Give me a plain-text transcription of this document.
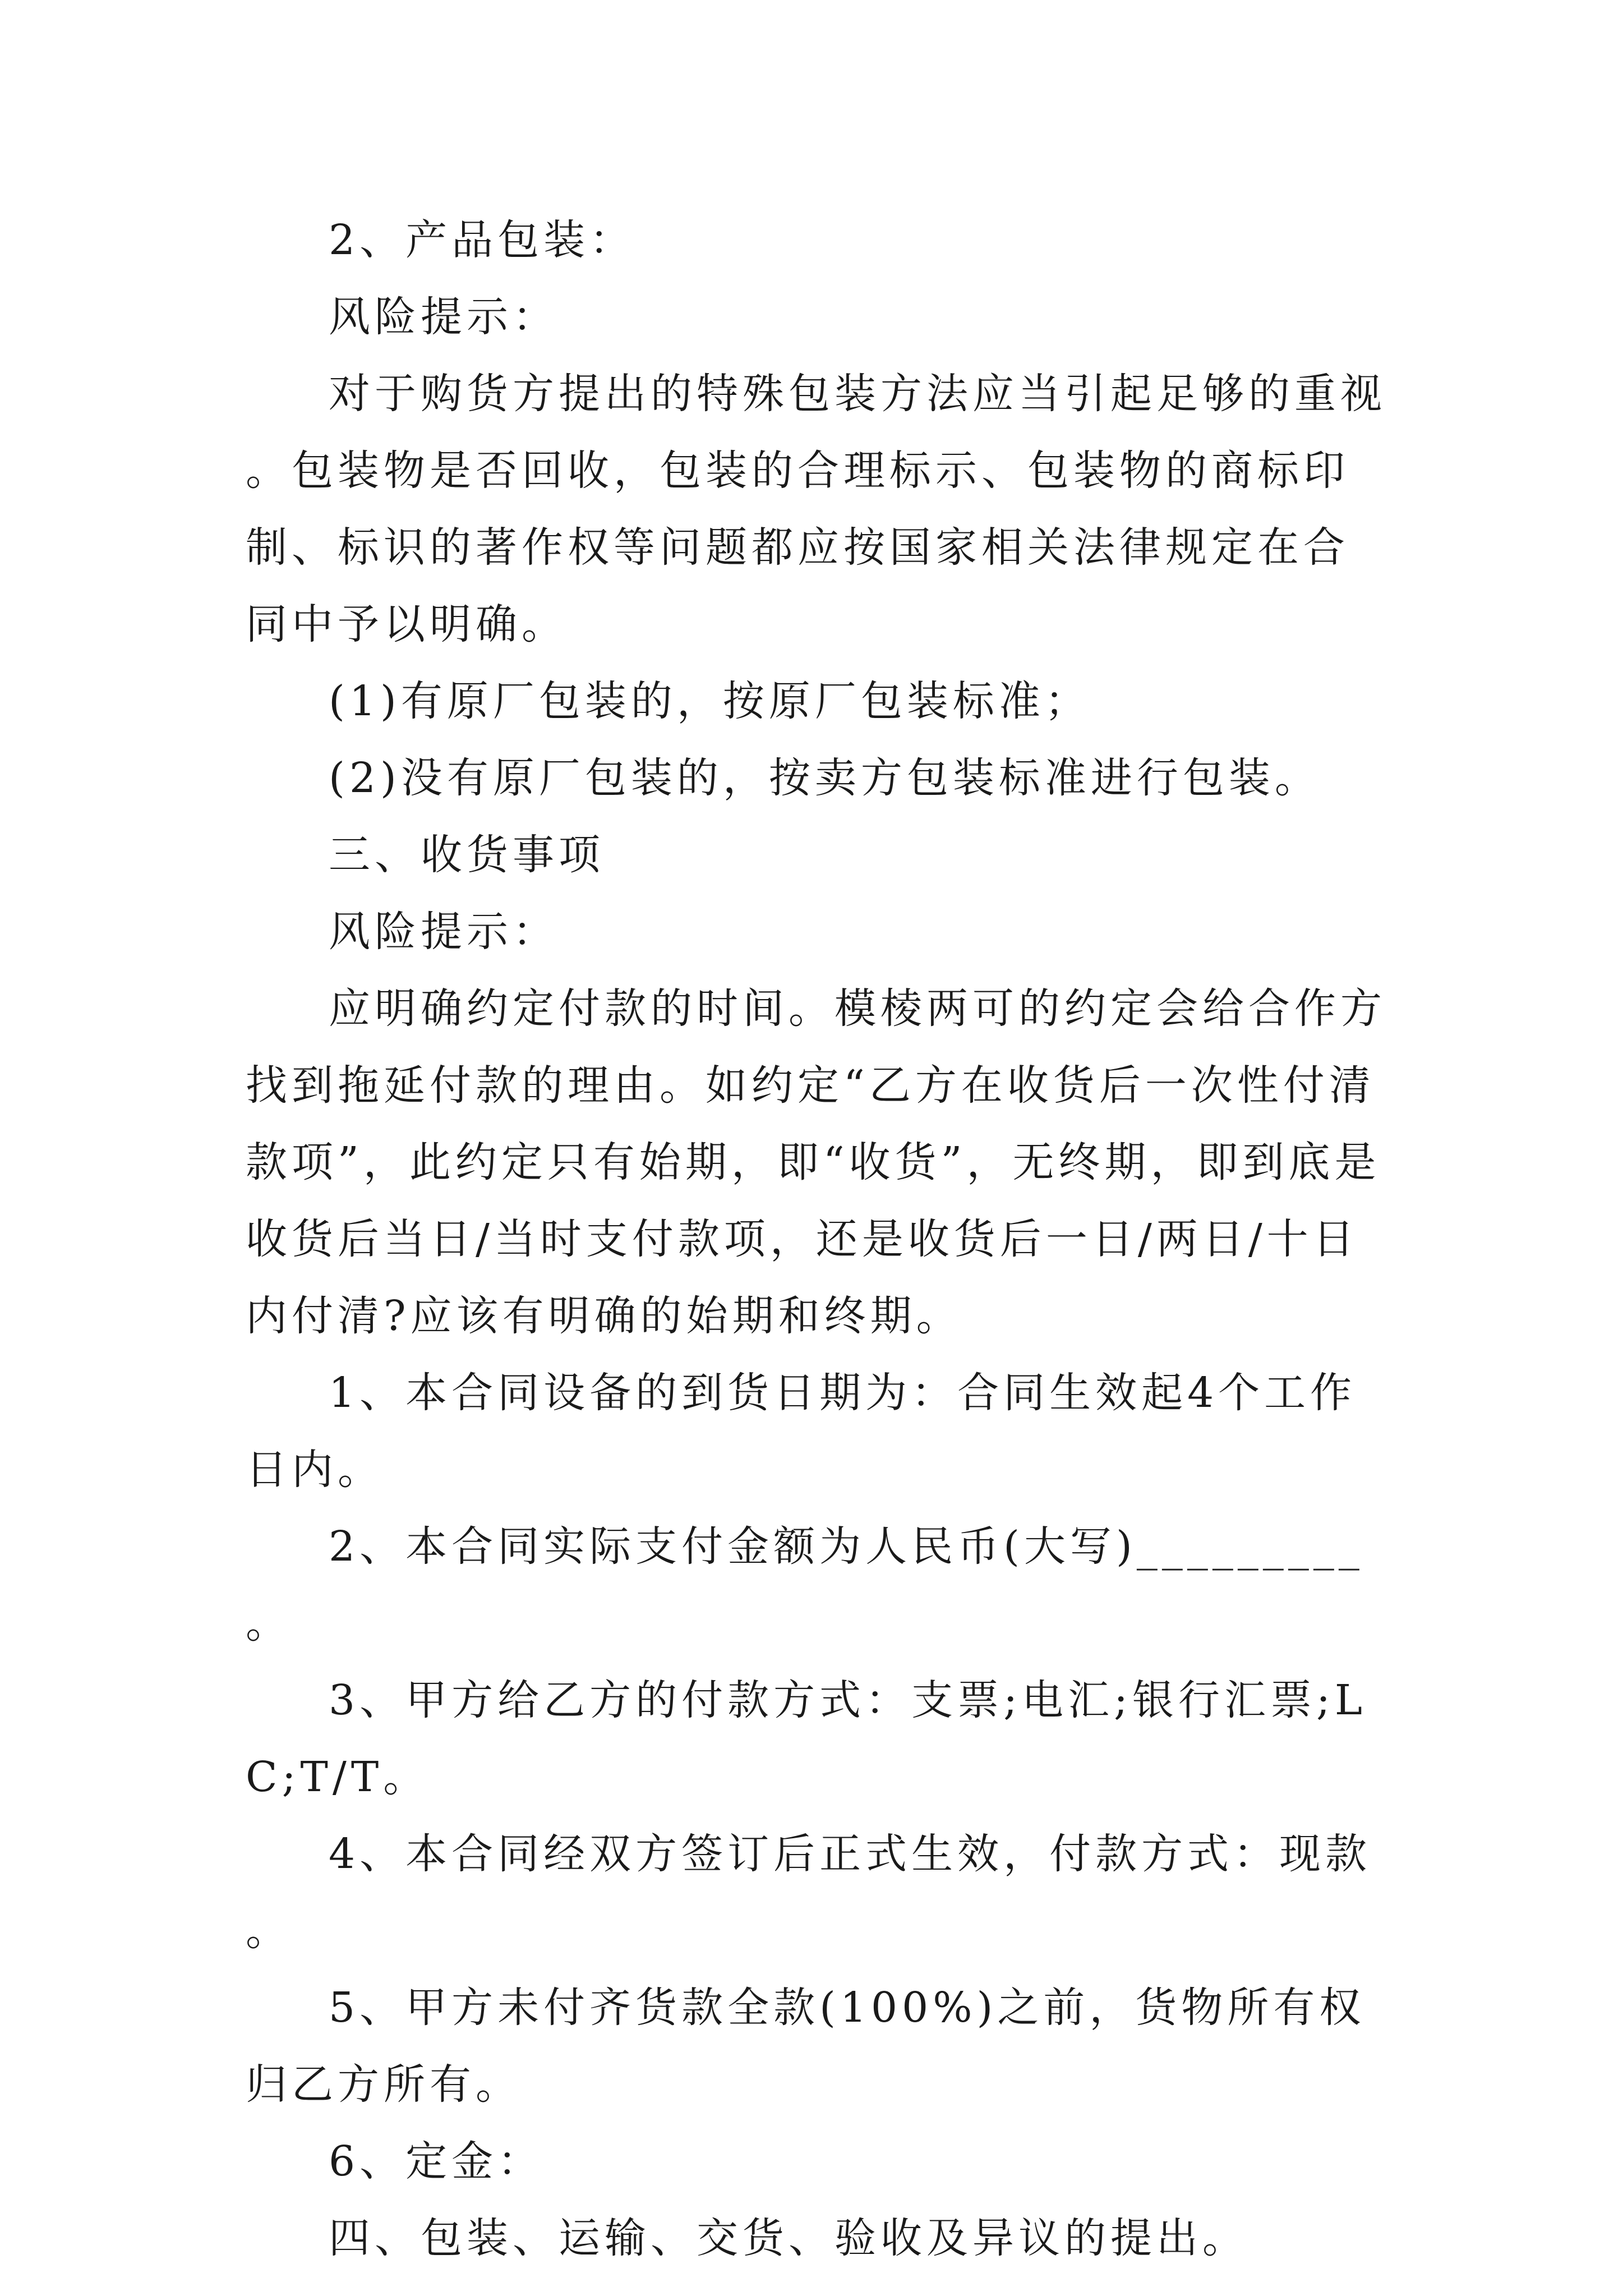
2、产品包装：

风险提示：

对于购货方提出的特殊包装方法应当引起足够的重视。包装物是否回收，包装的合理标示、包装物的商标印制、标识的著作权等问题都应按国家相关法律规定在合同中予以明确。

(1)有原厂包装的，按原厂包装标准；

(2)没有原厂包装的，按卖方包装标准进行包装。

三、收货事项

风险提示：

应明确约定付款的时间。模棱两可的约定会给合作方找到拖延付款的理由。如约定“乙方在收货后一次性付清款项”，此约定只有始期，即“收货”，无终期，即到底是收货后当日/当时支付款项，还是收货后一日/两日/十日内付清?应该有明确的始期和终期。

1、本合同设备的到货日期为：合同生效起4个工作日内。

2、本合同实际支付金额为人民币(大写)_________。

3、甲方给乙方的付款方式：支票;电汇;银行汇票;LC;T/T。

4、本合同经双方签订后正式生效，付款方式：现款。

5、甲方未付齐货款全款(100%)之前，货物所有权归乙方所有。

6、定金：

四、包装、运输、交货、验收及异议的提出。
